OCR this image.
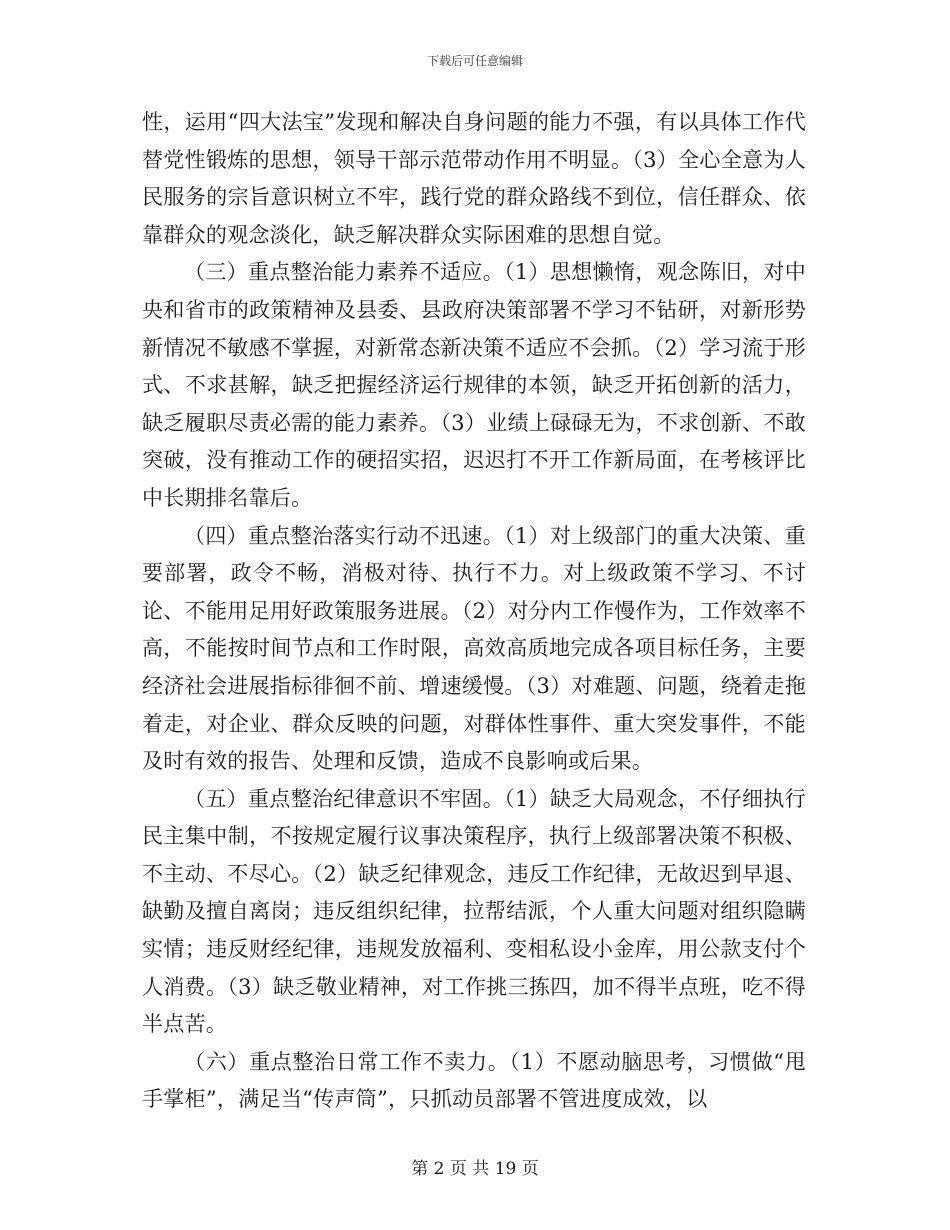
下载后可任意编辑

性，运用“四大法宝”发现和解决自身问题的能力不强，有以具体工作代替党性锻炼的思想，领导干部示范带动作用不明显。（3）全心全意为人民服务的宗旨意识树立不牢，践行党的群众路线不到位，信任群众、依靠群众的观念淡化，缺乏解决群众实际困难的思想自觉。

（三）重点整治能力素养不适应。（1）思想懒惰，观念陈旧，对中央和省市的政策精神及县委、县政府决策部署不学习不钻研，对新形势新情况不敏感不掌握，对新常态新决策不适应不会抓。（2）学习流于形式、不求甚解，缺乏把握经济运行规律的本领，缺乏开拓创新的活力，缺乏履职尽责必需的能力素养。（3）业绩上碌碌无为，不求创新、不敢突破，没有推动工作的硬招实招，迟迟打不开工作新局面，在考核评比中长期排名靠后。

（四）重点整治落实行动不迅速。（1）对上级部门的重大决策、重要部署，政令不畅，消极对待、执行不力。对上级政策不学习、不讨论、不能用足用好政策服务进展。（2）对分内工作慢作为，工作效率不高，不能按时间节点和工作时限，高效高质地完成各项目标任务，主要经济社会进展指标徘徊不前、增速缓慢。（3）对难题、问题，绕着走拖着走，对企业、群众反映的问题，对群体性事件、重大突发事件，不能及时有效的报告、处理和反馈，造成不良影响或后果。

（五）重点整治纪律意识不牢固。（1）缺乏大局观念，不仔细执行民主集中制，不按规定履行议事决策程序，执行上级部署决策不积极、不主动、不尽心。（2）缺乏纪律观念，违反工作纪律，无故迟到早退、缺勤及擅自离岗；违反组织纪律，拉帮结派，个人重大问题对组织隐瞒实情；违反财经纪律，违规发放福利、变相私设小金库，用公款支付个人消费。（3）缺乏敬业精神，对工作挑三拣四，加不得半点班，吃不得半点苦。

（六）重点整治日常工作不卖力。（1）不愿动脑思考，习惯做“甩手掌柜”，满足当“传声筒”，只抓动员部署不管进度成效，以

第 2 页 共 19 页
